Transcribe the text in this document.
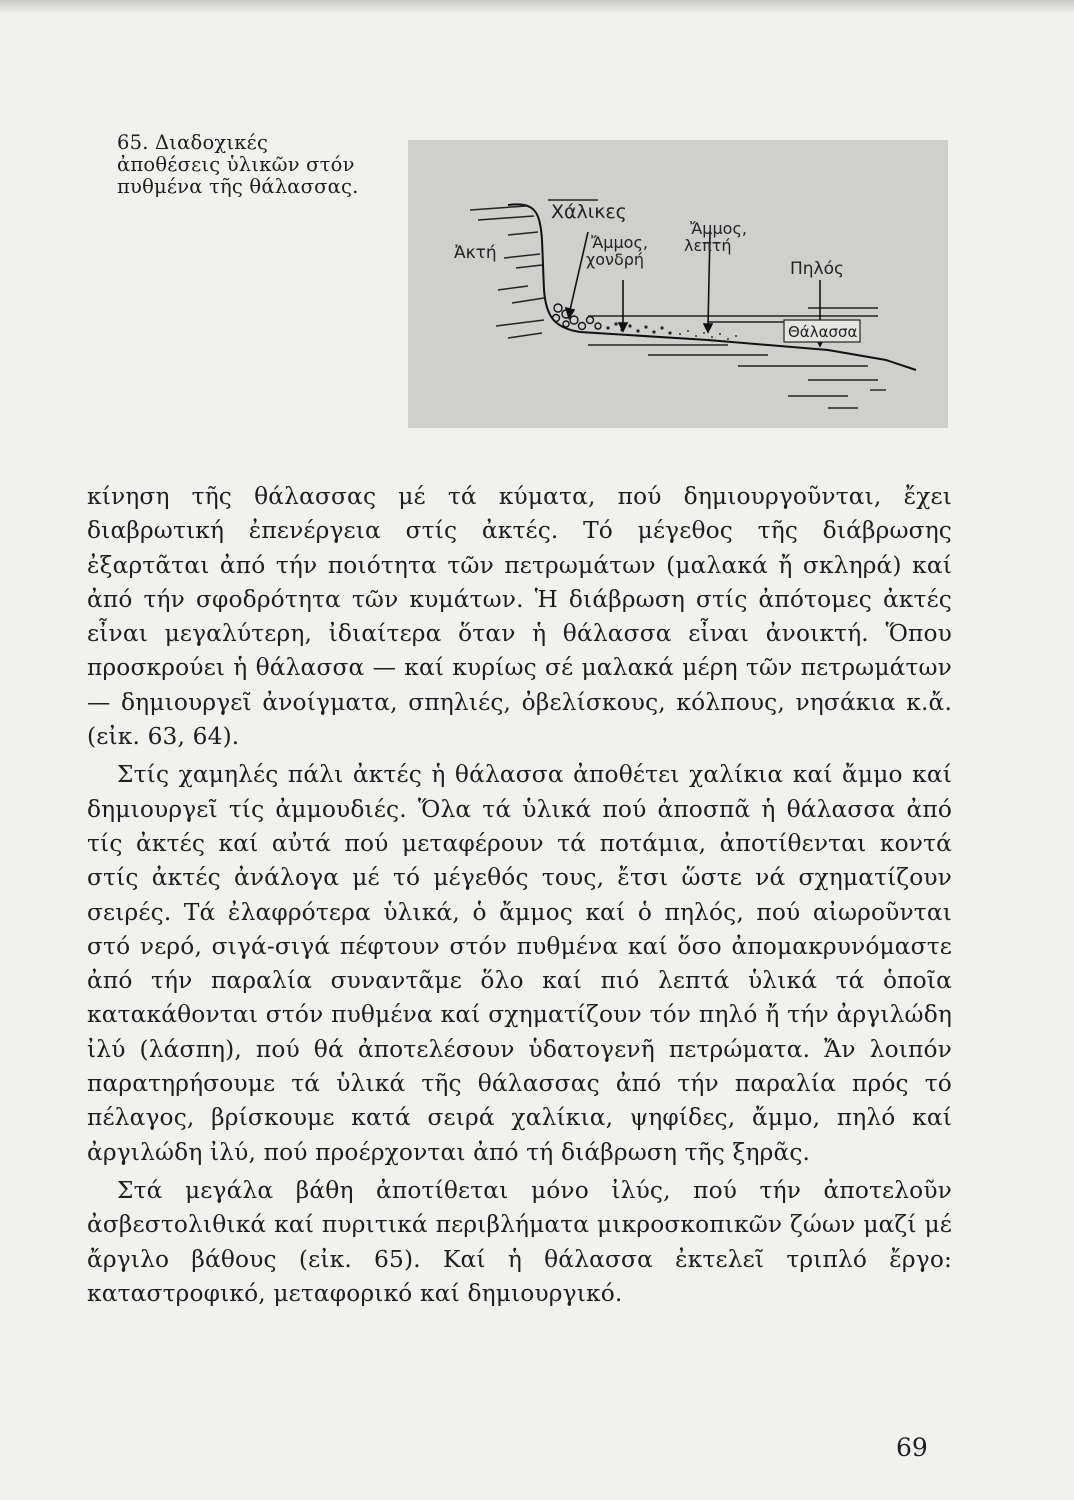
65. Διαδοχικές ἀποθέσεις ὑλικῶν στόν πυθμένα τῆς θάλασσας.
Ἀκτή
Χάλικες
Ἄμμος, χονδρή
Ἄμμος, λεπτή
Πηλός
Θάλασσα

κίνηση τῆς θάλασσας μέ τά κύματα, πού δημιουργοῦνται, ἔχει διαβρωτική ἐπενέργεια στίς ἀκτές. Τό μέγεθος τῆς διάβρωσης ἐξαρτᾶται ἀπό τήν ποιότητα τῶν πετρωμάτων (μαλακά ἤ σκληρά) καί ἀπό τήν σφοδρότητα τῶν κυμάτων. Ἡ διάβρωση στίς ἀπότομες ἀκτές εἶναι μεγαλύτερη, ἰδιαίτερα ὅταν ἡ θάλασσα εἶναι ἀνοικτή. Ὅπου προσκρούει ἡ θάλασσα — καί κυρίως σέ μαλακά μέρη τῶν πετρωμάτων — δημιουργεῖ ἀνοίγματα, σπηλιές, ὀβελίσκους, κόλπους, νησάκια κ.ἄ. (εἰκ. 63, 64).

Στίς χαμηλές πάλι ἀκτές ἡ θάλασσα ἀποθέτει χαλίκια καί ἄμμο καί δημιουργεῖ τίς ἀμμουδιές. Ὅλα τά ὑλικά πού ἀποσπᾶ ἡ θάλασσα ἀπό τίς ἀκτές καί αὐτά πού μεταφέρουν τά ποτάμια, ἀποτίθενται κοντά στίς ἀκτές ἀνάλογα μέ τό μέγεθός τους, ἔτσι ὥστε νά σχηματίζουν σειρές. Τά ἐλαφρότερα ὑλικά, ὁ ἄμμος καί ὁ πηλός, πού αἰωροῦνται στό νερό, σιγά-σιγά πέφτουν στόν πυθμένα καί ὅσο ἀπομακρυνόμαστε ἀπό τήν παραλία συναντᾶμε ὅλο καί πιό λεπτά ὑλικά τά ὁποῖα κατακάθονται στόν πυθμένα καί σχηματίζουν τόν πηλό ἤ τήν ἀργιλώδη ἰλύ (λάσπη), πού θά ἀποτελέσουν ὑδατογενῆ πετρώματα. Ἄν λοιπόν παρατηρήσουμε τά ὑλικά τῆς θάλασσας ἀπό τήν παραλία πρός τό πέλαγος, βρίσκουμε κατά σειρά χαλίκια, ψηφίδες, ἄμμο, πηλό καί ἀργιλώδη ἰλύ, πού προέρχονται ἀπό τή διάβρωση τῆς ξηρᾶς.

Στά μεγάλα βάθη ἀποτίθεται μόνο ἰλύς, πού τήν ἀποτελοῦν ἀσβεστολιθικά καί πυριτικά περιβλήματα μικροσκοπικῶν ζώων μαζί μέ ἄργιλο βάθους (εἰκ. 65). Καί ἡ θάλασσα ἐκτελεῖ τριπλό ἔργο: καταστροφικό, μεταφορικό καί δημιουργικό.

69
